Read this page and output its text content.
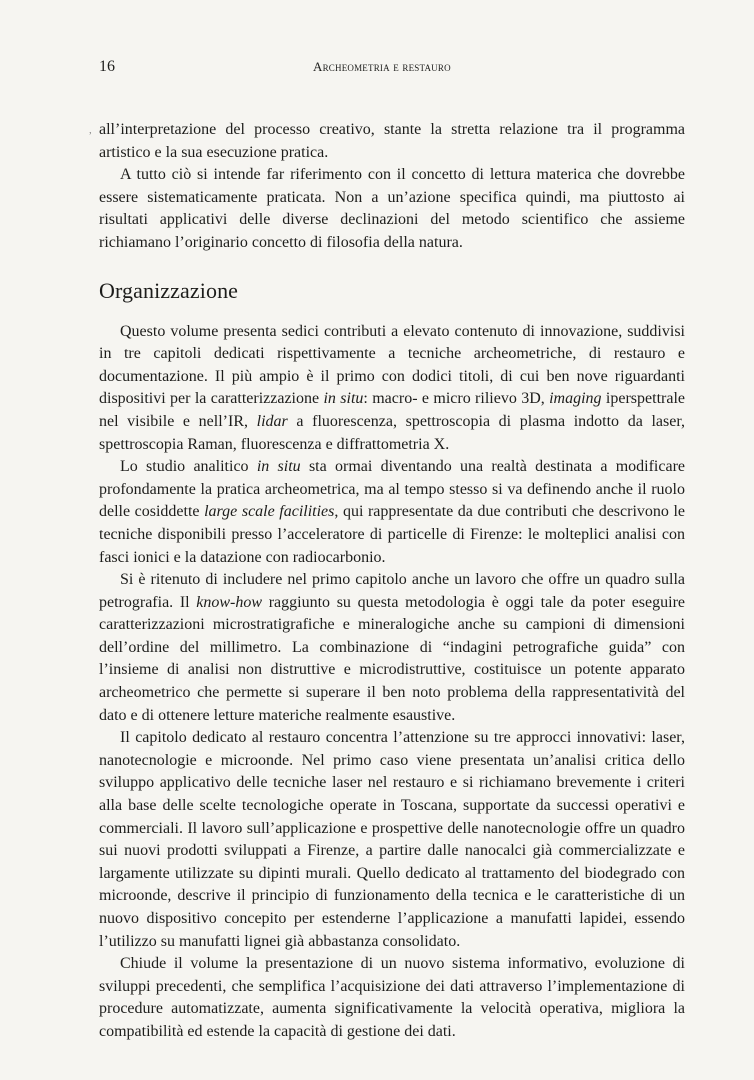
16	Archeometria e restauro
, all’interpretazione del processo creativo, stante la stretta relazione tra il programma artistico e la sua esecuzione pratica.

A tutto ciò si intende far riferimento con il concetto di lettura materica che dovrebbe essere sistematicamente praticata. Non a un’azione specifica quindi, ma piuttosto ai risultati applicativi delle diverse declinazioni del metodo scientifico che assieme richiamano l’originario concetto di filosofia della natura.

Organizzazione

Questo volume presenta sedici contributi a elevato contenuto di innovazione, suddivisi in tre capitoli dedicati rispettivamente a tecniche archeometriche, di restauro e documentazione. Il più ampio è il primo con dodici titoli, di cui ben nove riguardanti dispositivi per la caratterizzazione in situ: macro- e micro rilievo 3D, imaging iperspettrale nel visibile e nell’IR, lidar a fluorescenza, spettroscopia di plasma indotto da laser, spettroscopia Raman, fluorescenza e diffrattometria X.

Lo studio analitico in situ sta ormai diventando una realtà destinata a modificare profondamente la pratica archeometrica, ma al tempo stesso si va definendo anche il ruolo delle cosiddette large scale facilities, qui rappresentate da due contributi che descrivono le tecniche disponibili presso l’acceleratore di particelle di Firenze: le molteplici analisi con fasci ionici e la datazione con radiocarbonio.

Si è ritenuto di includere nel primo capitolo anche un lavoro che offre un quadro sulla petrografia. Il know-how raggiunto su questa metodologia è oggi tale da poter eseguire caratterizzazioni microstratigrafiche e mineralogiche anche su campioni di dimensioni dell’ordine del millimetro. La combinazione di “indagini petrografiche guida” con l’insieme di analisi non distruttive e microdistruttive, costituisce un potente apparato archeometrico che permette si superare il ben noto problema della rappresentatività del dato e di ottenere letture materiche realmente esaustive.

Il capitolo dedicato al restauro concentra l’attenzione su tre approcci innovativi: laser, nanotecnologie e microonde. Nel primo caso viene presentata un’analisi critica dello sviluppo applicativo delle tecniche laser nel restauro e si richiamano brevemente i criteri alla base delle scelte tecnologiche operate in Toscana, supportate da successi operativi e commerciali. Il lavoro sull’applicazione e prospettive delle nanotecnologie offre un quadro sui nuovi prodotti sviluppati a Firenze, a partire dalle nanocalci già commercializzate e largamente utilizzate su dipinti murali. Quello dedicato al trattamento del biodegrado con microonde, descrive il principio di funzionamento della tecnica e le caratteristiche di un nuovo dispositivo concepito per estenderne l’applicazione a manufatti lapidei, essendo l’utilizzo su manufatti lignei già abbastanza consolidato.

Chiude il volume la presentazione di un nuovo sistema informativo, evoluzione di sviluppi precedenti, che semplifica l’acquisizione dei dati attraverso l’implementazione di procedure automatizzate, aumenta significativamente la velocità operativa, migliora la compatibilità ed estende la capacità di gestione dei dati.
